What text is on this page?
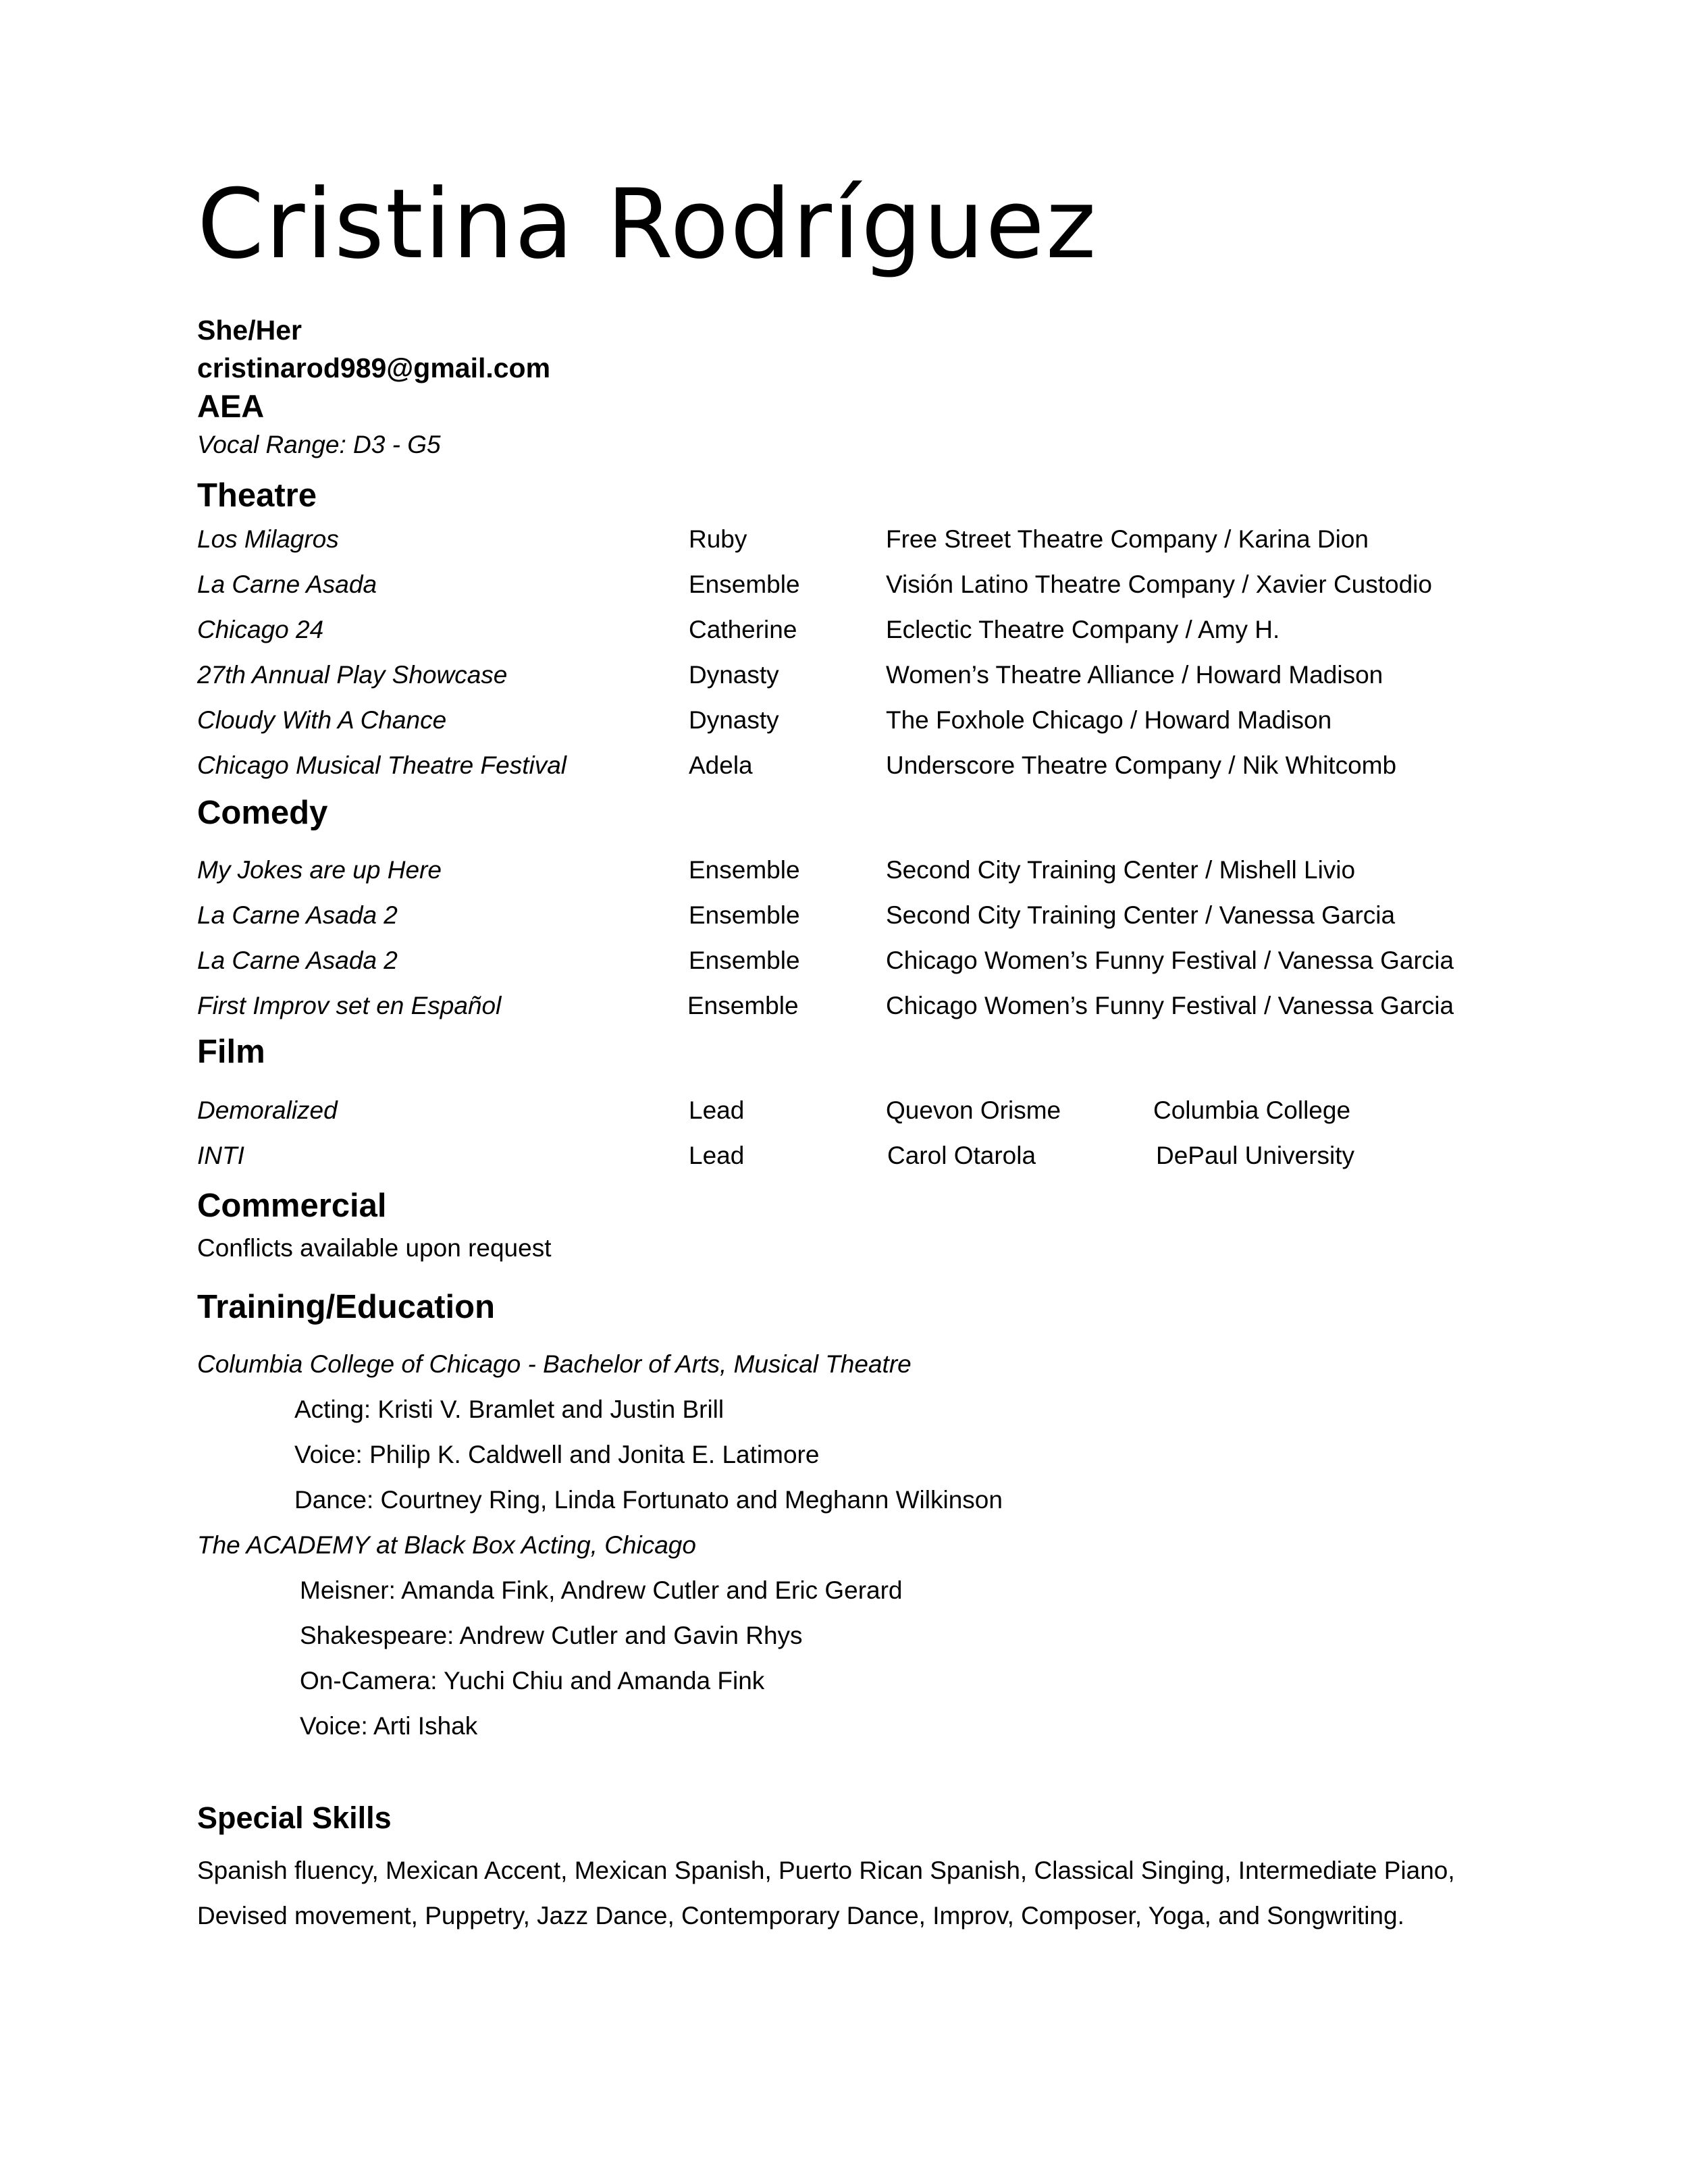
Cristina Rodríguez
She/Her
cristinarod989@gmail.com
AEA
Vocal Range: D3 - G5
Theatre
Los Milagros	Ruby	Free Street Theatre Company / Karina Dion
La Carne Asada	Ensemble	Visión Latino Theatre Company / Xavier Custodio
Chicago 24	Catherine	Eclectic Theatre Company / Amy H.
27th Annual Play Showcase	Dynasty	Women’s Theatre Alliance / Howard Madison
Cloudy With A Chance	Dynasty	The Foxhole Chicago / Howard Madison
Chicago Musical Theatre Festival	Adela	Underscore Theatre Company / Nik Whitcomb
Comedy
My Jokes are up Here	Ensemble	Second City Training Center / Mishell Livio
La Carne Asada 2	Ensemble	Second City Training Center / Vanessa Garcia
La Carne Asada 2	Ensemble	Chicago Women’s Funny Festival / Vanessa Garcia
First Improv set en Español	Ensemble	Chicago Women’s Funny Festival / Vanessa Garcia
Film
Demoralized	Lead	Quevon Orisme	Columbia College
INTI	Lead	Carol Otarola	DePaul University
Commercial
Conflicts available upon request
Training/Education
Columbia College of Chicago - Bachelor of Arts, Musical Theatre
Acting: Kristi V. Bramlet and Justin Brill
Voice: Philip K. Caldwell and Jonita E. Latimore
Dance: Courtney Ring, Linda Fortunato and Meghann Wilkinson
The ACADEMY at Black Box Acting, Chicago
Meisner: Amanda Fink, Andrew Cutler and Eric Gerard
Shakespeare: Andrew Cutler and Gavin Rhys
On-Camera: Yuchi Chiu and Amanda Fink
Voice: Arti Ishak
Special Skills
Spanish fluency, Mexican Accent, Mexican Spanish, Puerto Rican Spanish, Classical Singing, Intermediate Piano,
Devised movement, Puppetry, Jazz Dance, Contemporary Dance, Improv, Composer, Yoga, and Songwriting.
